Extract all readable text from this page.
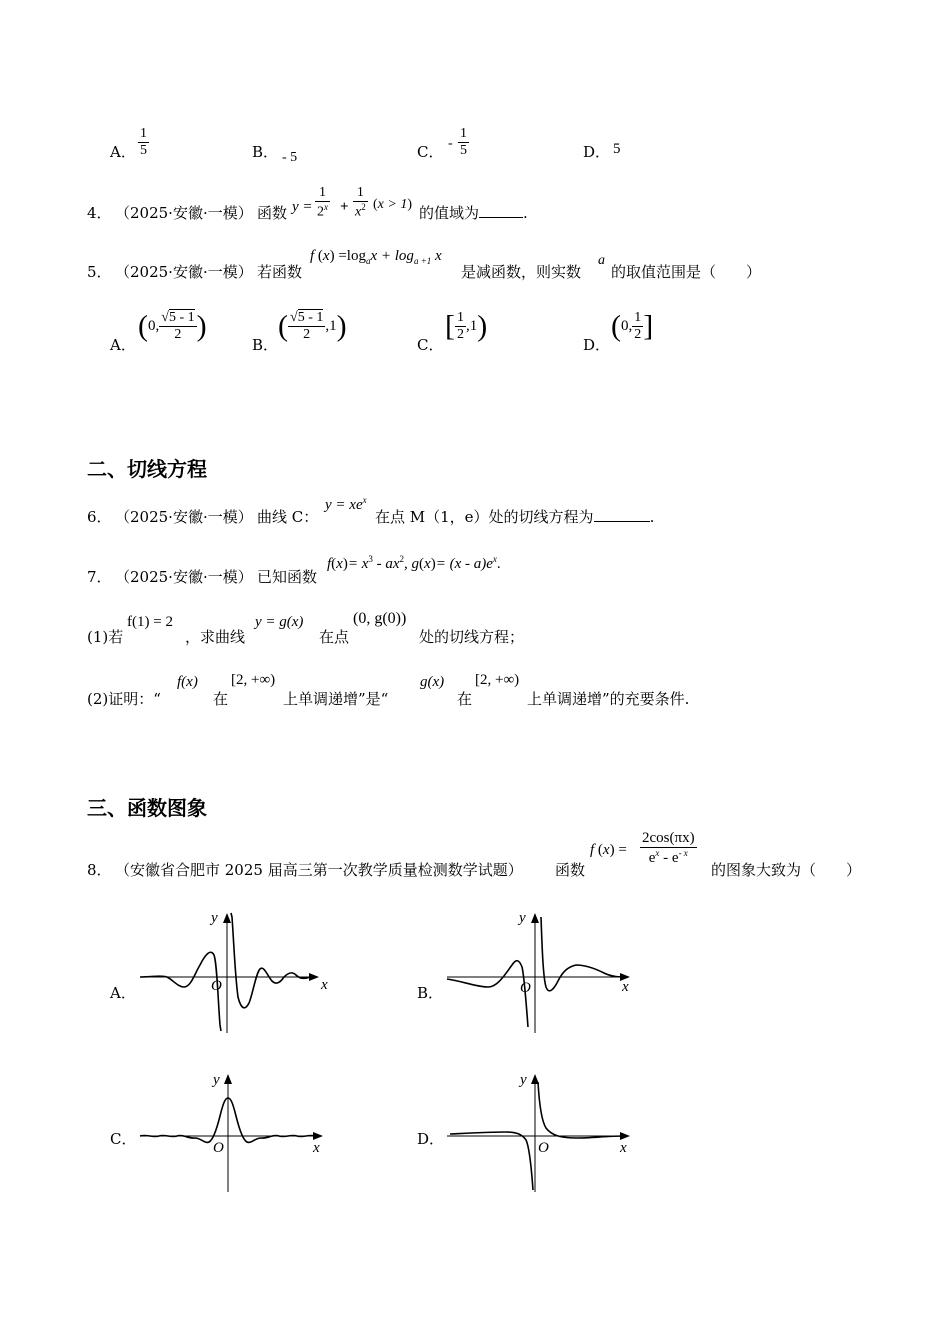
A． $\frac{1}{5}$	B． - 5	C． - $\frac{1}{5}$	D． 5
4． （2025·安徽·一模） 函数 $y = \frac{1}{2^x} + \frac{1}{x^2} (x > 1)$ 的值域为	.
5． （2025·安徽·一模） 若函数
f $(x) =\log_ax + \log_{a +1} x$
是减函数，则实数
a
的取值范围是（　　）
A．
(0, $\frac{√5 - 1}{2}$ )
B．
( $\frac{√5 - 1}{2} ,1$)
C．
[ $\frac{1}{2} ,1$)
D．
(0, $\frac{1}{2}$ ]
二、切线方程
6． （2025·安徽·一模） 曲线 C：
$y = xe^x$
在点 M（1，e）处的切线方程为	.
7． （2025·安徽·一模） 已知函数
$f(x)= x^3 - ax^2$, $g(x)= (x - a)e^x$.
(1)若
f(1) = 2
，求曲线
y = g(x)
在点
(0, g(0))
处的切线方程；
(2)证明：“
f(x)
在
[2, +∞)
上单调递增”是“
g(x)
在
[2, +∞)
上单调递增”的充要条件.
三、函数图象
8． （安徽省合肥市 2025 届高三第一次教学质量检测数学试题） 函数
f $(x) = \frac{2\cos(\pi x)}{e^x - e^{- x}}$
的图象大致为（　　）
A．	B．
C．	D．
x
y
O	x
y
O
x
y
O	x
y
O
